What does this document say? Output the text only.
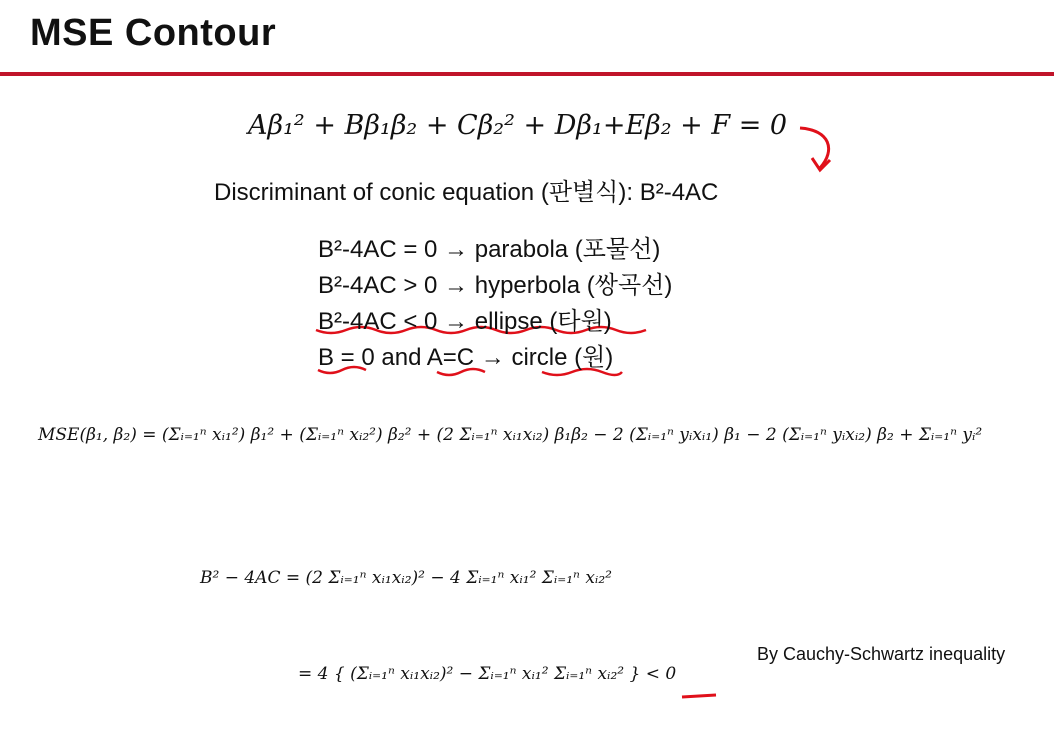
MSE Contour
Aβ₁² + Bβ₁β₂ + Cβ₂² + Dβ₁+Eβ₂ + F = 0
Discriminant of conic equation (판별식): B²-4AC
B²-4AC = 0 → parabola (포물선)
B²-4AC > 0 → hyperbola (쌍곡선)
B²-4AC < 0 → ellipse (타원)
B = 0 and A=C → circle (원)
MSE(β₁, β₂) = (Σᵢ₌₁ⁿ xᵢ₁²) β₁² + (Σᵢ₌₁ⁿ xᵢ₂²) β₂² + (2 Σᵢ₌₁ⁿ xᵢ₁xᵢ₂) β₁β₂ − 2 (Σᵢ₌₁ⁿ yᵢxᵢ₁) β₁ − 2 (Σᵢ₌₁ⁿ yᵢxᵢ₂) β₂ + Σᵢ₌₁ⁿ yᵢ²
B² − 4AC = (2 Σᵢ₌₁ⁿ xᵢ₁xᵢ₂)² − 4 Σᵢ₌₁ⁿ xᵢ₁² Σᵢ₌₁ⁿ xᵢ₂²
= 4 { (Σᵢ₌₁ⁿ xᵢ₁xᵢ₂)² − Σᵢ₌₁ⁿ xᵢ₁² Σᵢ₌₁ⁿ xᵢ₂² } < 0
By Cauchy-Schwartz inequality
